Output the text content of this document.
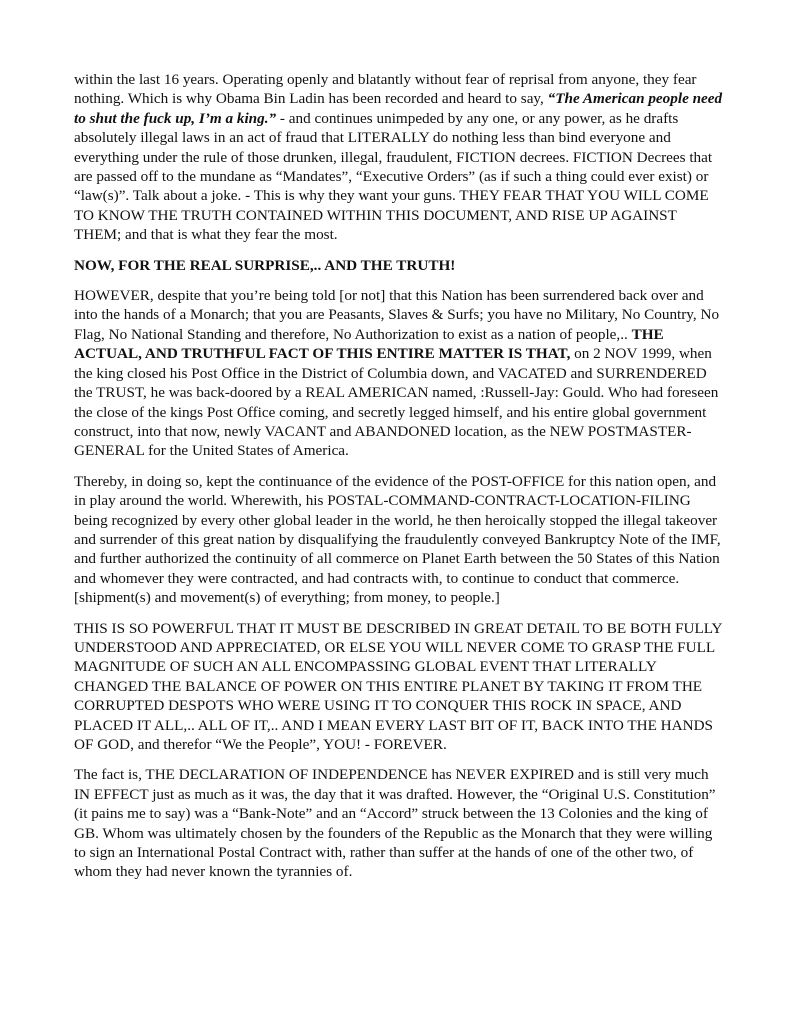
within the last 16 years. Operating openly and blatantly without fear of reprisal from anyone, they fear nothing. Which is why Obama Bin Ladin has been recorded and heard to say, “The American people need to shut the fuck up, I’m a king.” - and continues unimpeded by any one, or any power, as he drafts absolutely illegal laws in an act of fraud that LITERALLY do nothing less than bind everyone and everything under the rule of those drunken, illegal, fraudulent, FICTION decrees. FICTION Decrees that are passed off to the mundane as “Mandates”, “Executive Orders” (as if such a thing could ever exist) or “law(s)”. Talk about a joke. - This is why they want your guns. THEY FEAR THAT YOU WILL COME TO KNOW THE TRUTH CONTAINED WITHIN THIS DOCUMENT, AND RISE UP AGAINST THEM; and that is what they fear the most.

NOW, FOR THE REAL SURPRISE,.. AND THE TRUTH!

HOWEVER, despite that you’re being told [or not] that this Nation has been surrendered back over and into the hands of a Monarch; that you are Peasants, Slaves & Surfs; you have no Military, No Country, No Flag, No National Standing and therefore, No Authorization to exist as a nation of people,.. THE ACTUAL, AND TRUTHFUL FACT OF THIS ENTIRE MATTER IS THAT, on 2 NOV 1999, when the king closed his Post Office in the District of Columbia down, and VACATED and SURRENDERED the TRUST, he was back-doored by a REAL AMERICAN named, :Russell-Jay: Gould. Who had foreseen the close of the kings Post Office coming, and secretly legged himself, and his entire global government construct, into that now, newly VACANT and ABANDONED location, as the NEW POSTMASTER-GENERAL for the United States of America.

Thereby, in doing so, kept the continuance of the evidence of the POST-OFFICE for this nation open, and in play around the world. Wherewith, his POSTAL-COMMAND-CONTRACT-LOCATION-FILING being recognized by every other global leader in the world, he then heroically stopped the illegal takeover and surrender of this great nation by disqualifying the fraudulently conveyed Bankruptcy Note of the IMF, and further authorized the continuity of all commerce on Planet Earth between the 50 States of this Nation and whomever they were contracted, and had contracts with, to continue to conduct that commerce. [shipment(s) and movement(s) of everything; from money, to people.]

THIS IS SO POWERFUL THAT IT MUST BE DESCRIBED IN GREAT DETAIL TO BE BOTH FULLY UNDERSTOOD AND APPRECIATED, OR ELSE YOU WILL NEVER COME TO GRASP THE FULL MAGNITUDE OF SUCH AN ALL ENCOMPASSING GLOBAL EVENT THAT LITERALLY CHANGED THE BALANCE OF POWER ON THIS ENTIRE PLANET BY TAKING IT FROM THE CORRUPTED DESPOTS WHO WERE USING IT TO CONQUER THIS ROCK IN SPACE, AND PLACED IT ALL,.. ALL OF IT,.. AND I MEAN EVERY LAST BIT OF IT, BACK INTO THE HANDS OF GOD, and therefor “We the People”, YOU! - FOREVER.

The fact is, THE DECLARATION OF INDEPENDENCE has NEVER EXPIRED and is still very much IN EFFECT just as much as it was, the day that it was drafted. However, the “Original U.S. Constitution” (it pains me to say) was a “Bank-Note” and an “Accord” struck between the 13 Colonies and the king of GB. Whom was ultimately chosen by the founders of the Republic as the Monarch that they were willing to sign an International Postal Contract with, rather than suffer at the hands of one of the other two, of whom they had never known the tyrannies of.
